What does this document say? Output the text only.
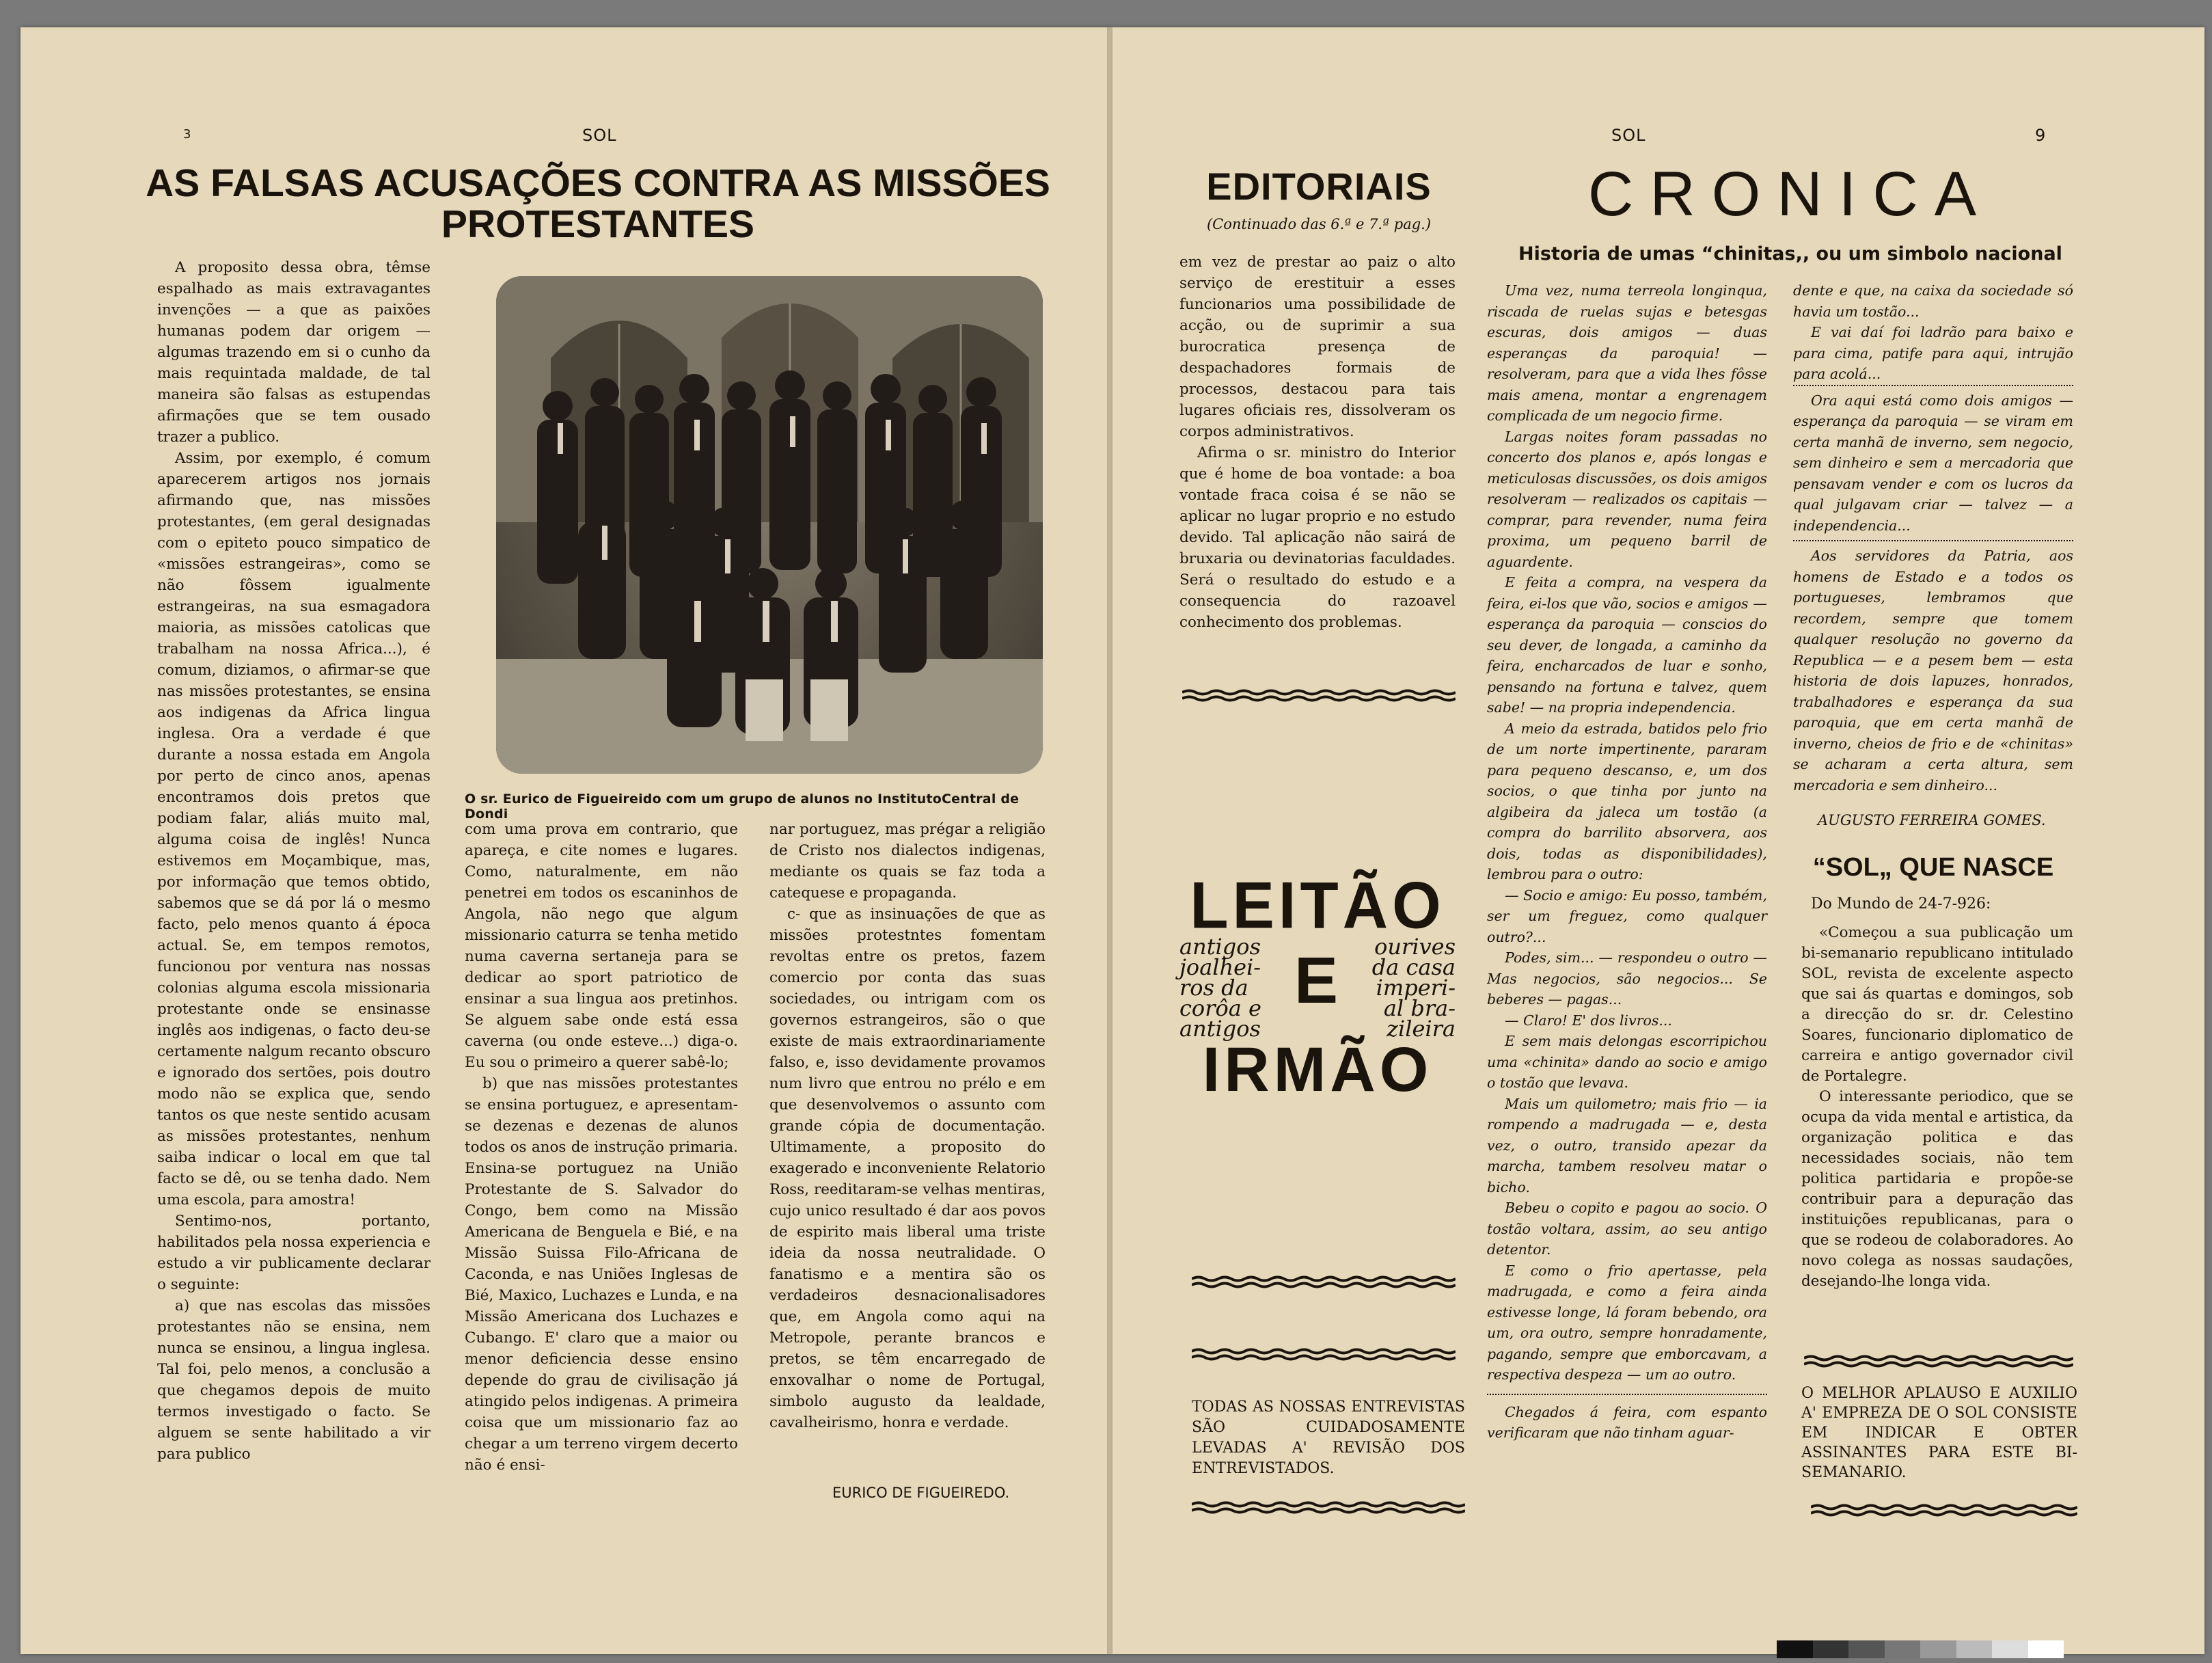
3	SOL
AS FALSAS ACUSAÇÕES CONTRA AS MISSÕES
PROTESTANTES

A proposito dessa obra, têmse espalhado as mais extravagantes invenções — a que as paixões humanas podem dar origem — algumas trazendo em si o cunho da mais requintada maldade, de tal maneira são falsas as estupendas afirmações que se tem ousado trazer a publico.

Assim, por exemplo, é comum aparecerem artigos nos jornais afirmando que, nas missões protestantes, (em geral designadas com o epiteto pouco simpatico de «missões estrangeiras», como se não fôssem igualmente estrangeiras, na sua esmagadora maioria, as missões catolicas que trabalham na nossa Africa...), é comum, diziamos, o afirmar-se que nas missões protestantes, se ensina aos indigenas da Africa lingua inglesa. Ora a verdade é que durante a nossa estada em Angola por perto de cinco anos, apenas encontramos dois pretos que podiam falar, aliás muito mal, alguma coisa de inglês! Nunca estivemos em Moçambique, mas, por informação que temos obtido, sabemos que se dá por lá o mesmo facto, pelo menos quanto á época actual. Se, em tempos remotos, funcionou por ventura nas nossas colonias alguma escola missionaria protestante onde se ensinasse inglês aos indigenas, o facto deu-se certamente nalgum recanto obscuro e ignorado dos sertões, pois doutro modo não se explica que, sendo tantos os que neste sentido acusam as missões protestantes, nenhum saiba indicar o local em que tal facto se dê, ou se tenha dado. Nem uma escola, para amostra!

Sentimo-nos, portanto, habilitados pela nossa experiencia e estudo a vir publicamente declarar o seguinte:

a) que nas escolas das missões protestantes não se ensina, nem nunca se ensinou, a lingua inglesa. Tal foi, pelo menos, a conclusão a que chegamos depois de muito termos investigado o facto. Se alguem se sente habilitado a vir para publico

O sr. Eurico de Figueireido com um grupo de alunos no InstitutoCentral de Dondi

com uma prova em contrario, que apareça, e cite nomes e lugares. Como, naturalmente, em não penetrei em todos os escaninhos de Angola, não nego que algum missionario caturra se tenha metido numa caverna sertaneja para se dedicar ao sport patriotico de ensinar a sua lingua aos pretinhos. Se alguem sabe onde está essa caverna (ou onde esteve...) diga-o. Eu sou o primeiro a querer sabê-lo;

b) que nas missões protestantes se ensina portuguez, e apresentam-se dezenas e dezenas de alunos todos os anos de instrução primaria. Ensina-se portuguez na União Protestante de S. Salvador do Congo, bem como na Missão Americana de Benguela e Bié, e na Missão Suissa Filo-Africana de Caconda, e nas Uniões Inglesas de Bié, Maxico, Luchazes e Lunda, e na Missão Americana dos Luchazes e Cubango. E' claro que a maior ou menor deficiencia desse ensino depende do grau de civilisação já atingido pelos indigenas. A primeira coisa que um missionario faz ao chegar a um terreno virgem decerto não é ensi-

nar portuguez, mas prégar a religião de Cristo nos dialectos indigenas, mediante os quais se faz toda a catequese e propaganda.

c- que as insinuações de que as missões protestntes fomentam revoltas entre os pretos, fazem comercio por conta das suas sociedades, ou intrigam com os governos estrangeiros, são o que existe de mais extraordinariamente falso, e, isso devidamente provamos num livro que entrou no prélo e em que desenvolvemos o assunto com grande cópia de documentação. Ultimamente, a proposito do exagerado e inconveniente Relatorio Ross, reeditaram-se velhas mentiras, cujo unico resultado é dar aos povos de espirito mais liberal uma triste ideia da nossa neutralidade. O fanatismo e a mentira são os verdadeiros desnacionalisadores que, em Angola como aqui na Metropole, perante brancos e pretos, se têm encarregado de enxovalhar o nome de Portugal, simbolo augusto da lealdade, cavalheirismo, honra e verdade.

EURICO DE FIGUEIREDO.
SOL	9
EDITORIAIS
(Continuado das 6.ª e 7.ª pag.)

em vez de prestar ao paiz o alto serviço de erestituir a esses funcionarios uma possibilidade de acção, ou de suprimir a sua burocratica presença de despachadores formais de processos, destacou para tais lugares oficiais res, dissolveram os corpos administrativos.

Afirma o sr. ministro do Interior que é home de boa vontade: a boa vontade fraca coisa é se não se aplicar no lugar proprio e no estudo devido. Tal aplicação não sairá de bruxaria ou devinatorias faculdades. Será o resultado do estudo e a consequencia do razoavel conhecimento dos problemas.

LEITÃO
antigos
joalhei-
ros da
corôa e
antigos
E	ourives
da casa
imperi-
al bra-
zileira
IRMÃO
TODAS AS NOSSAS ENTREVISTAS SÃO CUIDADOSAMENTE LEVADAS A' REVISÃO DOS ENTREVISTADOS.
CRONICA
Historia de umas “chinitas,, ou um simbolo nacional

Uma vez, numa terreola longinqua, riscada de ruelas sujas e betesgas escuras, dois amigos — duas esperanças da paroquia! — resolveram, para que a vida lhes fôsse mais amena, montar a engrenagem complicada de um negocio firme.

Largas noites foram passadas no concerto dos planos e, após longas e meticulosas discussões, os dois amigos resolveram — realizados os capitais — comprar, para revender, numa feira proxima, um pequeno barril de aguardente.

E feita a compra, na vespera da feira, ei-los que vão, socios e amigos — esperança da paroquia — conscios do seu dever, de longada, a caminho da feira, encharcados de luar e sonho, pensando na fortuna e talvez, quem sabe! — na propria independencia.

A meio da estrada, batidos pelo frio de um norte impertinente, pararam para pequeno descanso, e, um dos socios, o que tinha por junto na algibeira da jaleca um tostão (a compra do barrilito absorvera, aos dois, todas as disponibilidades), lembrou para o outro:

— Socio e amigo: Eu posso, também, ser um freguez, como qualquer outro?...

Podes, sim... — respondeu o outro — Mas negocios, são negocios... Se beberes — pagas...

— Claro! E' dos livros...

E sem mais delongas escorripichou uma «chinita» dando ao socio e amigo o tostão que levava.

Mais um quilometro; mais frio — ia rompendo a madrugada — e, desta vez, o outro, transido apezar da marcha, tambem resolveu matar o bicho.

Bebeu o copito e pagou ao socio. O tostão voltara, assim, ao seu antigo detentor.

E como o frio apertasse, pela madrugada, e como a feira ainda estivesse longe, lá foram bebendo, ora um, ora outro, sempre honradamente, pagando, sempre que emborcavam, a respectiva despeza — um ao outro.

Chegados á feira, com espanto verificaram que não tinham aguar-

dente e que, na caixa da sociedade só havia um tostão...

E vai daí foi ladrão para baixo e para cima, patife para aqui, intrujão para acolá...

Ora aqui está como dois amigos — esperança da paroquia — se viram em certa manhã de inverno, sem negocio, sem dinheiro e sem a mercadoria que pensavam vender e com os lucros da qual julgavam criar — talvez — a independencia...

Aos servidores da Patria, aos homens de Estado e a todos os portugueses, lembramos que recordem, sempre que tomem qualquer resolução no governo da Republica — e a pesem bem — esta historia de dois lapuzes, honrados, trabalhadores e esperança da sua paroquia, que em certa manhã de inverno, cheios de frio e de «chinitas» se acharam a certa altura, sem mercadoria e sem dinheiro...

AUGUSTO FERREIRA GOMES.
“SOL„ QUE NASCE
Do Mundo de 24-7-926:

«Começou a sua publicação um bi-semanario republicano intitulado SOL, revista de excelente aspecto que sai ás quartas e domingos, sob a direcção do sr. dr. Celestino Soares, funcionario diplomatico de carreira e antigo governador civil de Portalegre.

O interessante periodico, que se ocupa da vida mental e artistica, da organização politica e das necessidades sociais, não tem politica partidaria e propõe-se contribuir para a depuração das instituições republicanas, para o que se rodeou de colaboradores. Ao novo colega as nossas saudações, desejando-lhe longa vida.

O MELHOR APLAUSO E AUXILIO A' EMPREZA DE O SOL CONSISTE EM INDICAR E OBTER ASSINANTES PARA ESTE BI-SEMANARIO.
